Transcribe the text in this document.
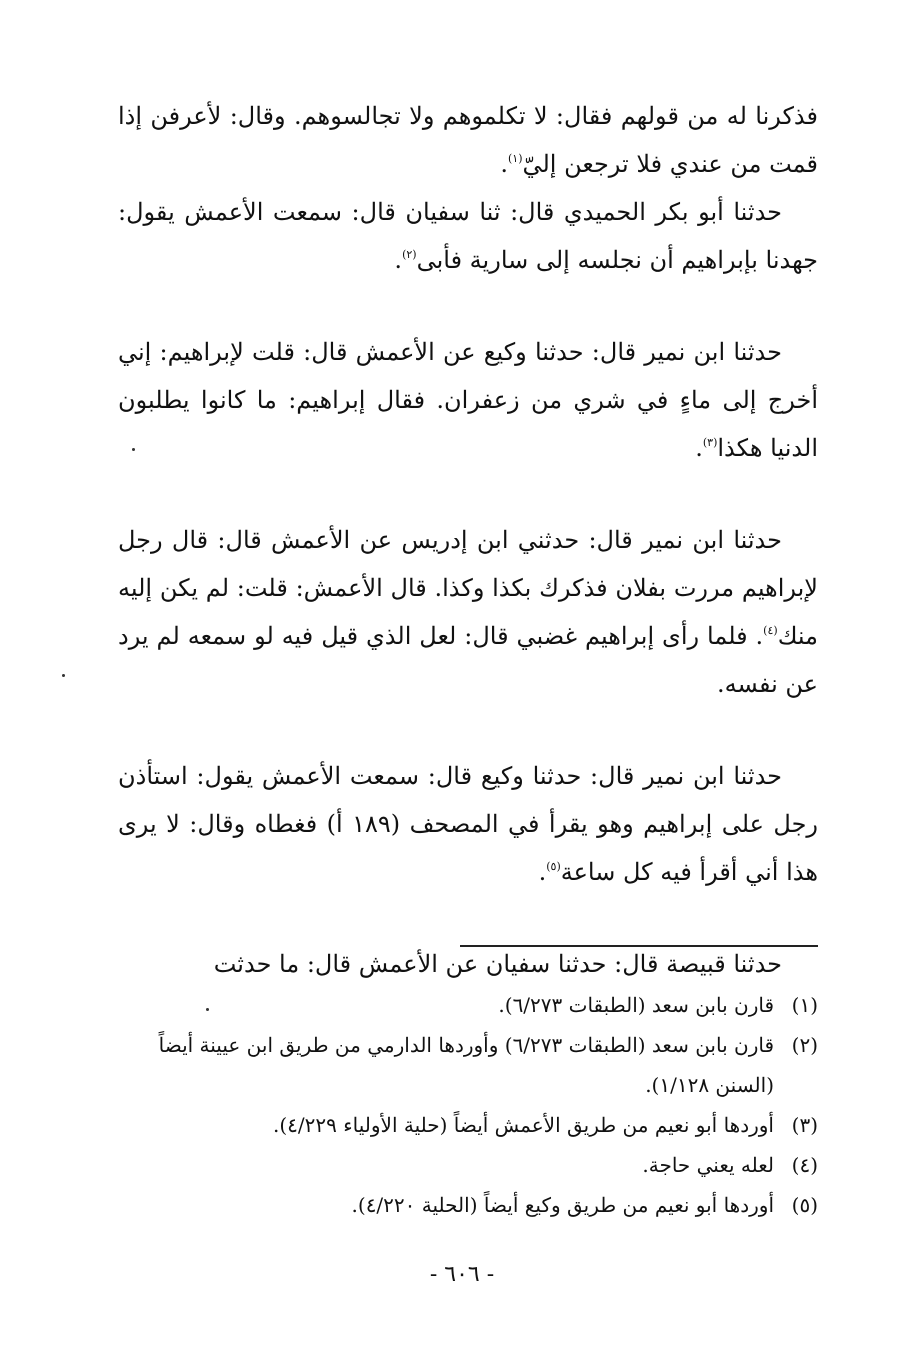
فذكرنا له من قولهم فقال: لا تكلموهم ولا تجالسوهم. وقال: لأعرفن إذا قمت من عندي فلا ترجعن إليّ$^{(١)}$.

حدثنا أبو بكر الحميدي قال: ثنا سفيان قال: سمعت الأعمش يقول: جهدنا بإبراهيم أن نجلسه إلى سارية فأبى$^{(٢)}$.

حدثنا ابن نمير قال: حدثنا وكيع عن الأعمش قال: قلت لإبراهيم: إني أخرج إلى ماءٍ في شري من زعفران. فقال إبراهيم: ما كانوا يطلبون الدنيا هكذا$^{(٣)}$.

حدثنا ابن نمير قال: حدثني ابن إدريس عن الأعمش قال: قال رجل لإبراهيم مررت بفلان فذكرك بكذا وكذا. قال الأعمش: قلت: لم يكن إليه منك$^{(٤)}$. فلما رأى إبراهيم غضبي قال: لعل الذي قيل فيه لو سمعه لم يرد عن نفسه.

حدثنا ابن نمير قال: حدثنا وكيع قال: سمعت الأعمش يقول: استأذن رجل على إبراهيم وهو يقرأ في المصحف (١٨٩ أ) فغطاه وقال: لا يرى هذا أني أقرأ فيه كل ساعة$^{(٥)}$.

حدثنا قبيصة قال: حدثنا سفيان عن الأعمش قال: ما حدثت

(١)
قارن بابن سعد (الطبقات ٦/٢٧٣).
(٢)
قارن بابن سعد (الطبقات ٦/٢٧٣) وأوردها الدارمي من طريق ابن عيينة أيضاً (السنن ١/١٢٨).
(٣)
أوردها أبو نعيم من طريق الأعمش أيضاً (حلية الأولياء ٤/٢٢٩).
(٤)
لعله يعني حاجة.
(٥)
أوردها أبو نعيم من طريق وكيع أيضاً (الحلية ٤/٢٢٠).
- ٦٠٦ -
